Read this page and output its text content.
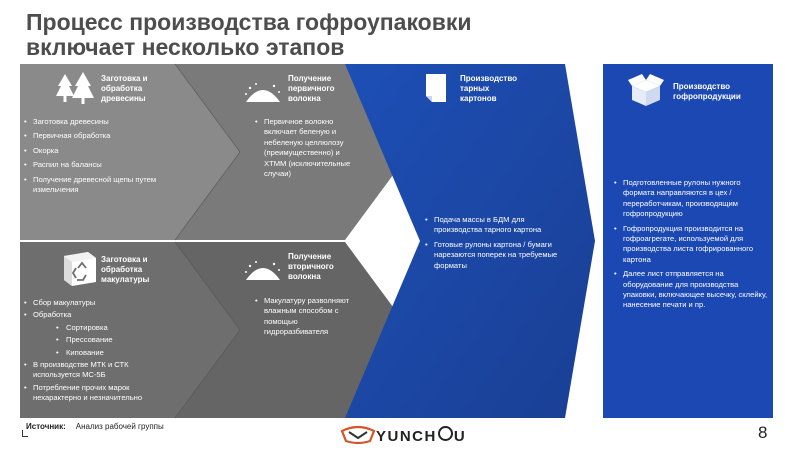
Процесс производства гофроупаковки
включает несколько этапов
Заготовка и
обработка
древесины
• Заготовка древесины
• Первичная обработка
• Окорка
• Распил на балансы
• Получение древесной щепы путем измельчения
Получение
первичного
волокна
• Первичное волокно включает беленую и небеленую целлюлозу (преимущественно) и ХТММ (исключительные случаи)
Заготовка и
обработка
макулатуры
• Сбор макулатуры
• Обработка
• Сортировка
• Прессование
• Кипование
• В производстве МТК и СТК используется МС-5Б
• Потребление прочих марок нехарактерно и незначительно
Получение
вторичного
волокна
• Макулатуру разволняют влажным способом с помощью гидроразбивателя
Производство
тарных
картонов
• Подача массы в БДМ для производства тарного картона
• Готовые рулоны картона / бумаги нарезаются поперек на требуемые форматы
Производство
гофропродукции
• Подготовленные рулоны нужного формата направляются в цех / переработчикам, производящим гофропродукцию
• Гофропродукция производится на гофроагрегате, используемой для производства листа гофрированного картона
• Далее лист отправляется на оборудование для производства упаковки, включающее высечку, склейку, нанесение печати и пр.
Источник: Анализ рабочей группы
YUNCH U	8
